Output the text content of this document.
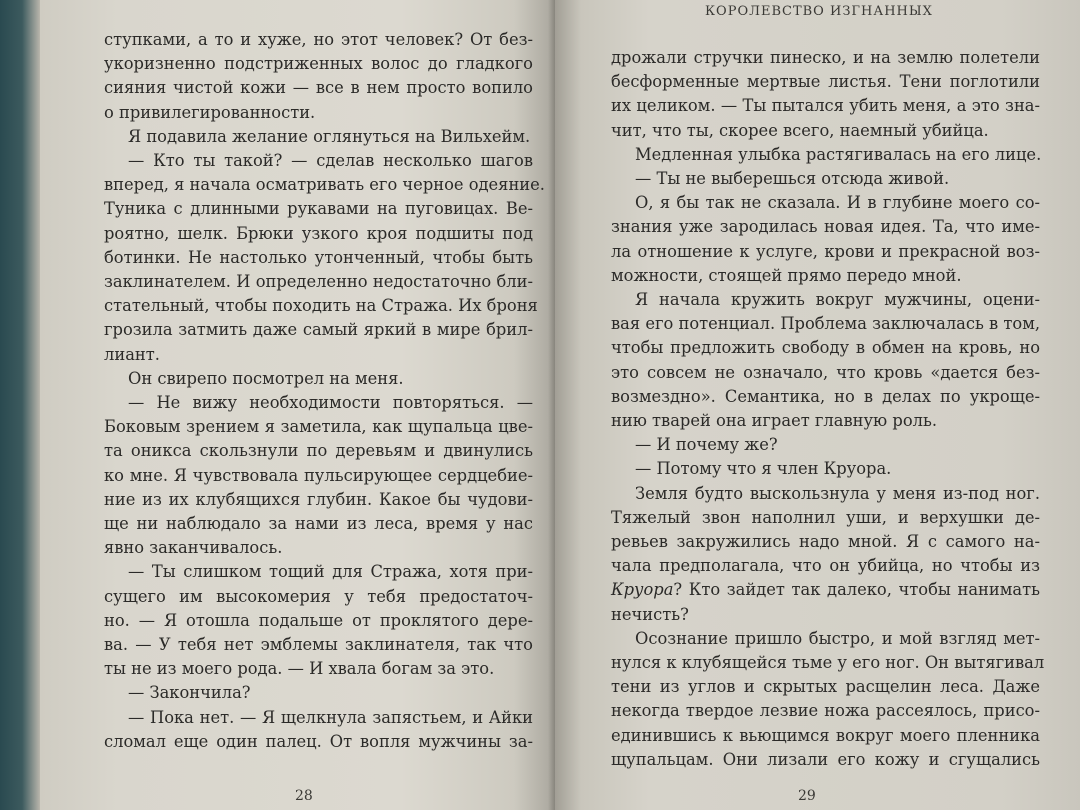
ступками, а то и хуже, но этот человек? От без-
укоризненно подстриженных волос до гладкого
сияния чистой кожи — все в нем просто вопило
о привилегированности.
Я подавила желание оглянуться на Вильхейм.
— Кто ты такой? — сделав несколько шагов
вперед, я начала осматривать его черное одеяние.
Туника с длинными рукавами на пуговицах. Ве-
роятно, шелк. Брюки узкого кроя подшиты под
ботинки. Не настолько утонченный, чтобы быть
заклинателем. И определенно недостаточно бли-
стательный, чтобы походить на Стража. Их броня
грозила затмить даже самый яркий в мире брил-
лиант.
Он свирепо посмотрел на меня.
— Не вижу необходимости повторяться. —
Боковым зрением я заметила, как щупальца цве-
та оникса скользнули по деревьям и двинулись
ко мне. Я чувствовала пульсирующее сердцебие-
ние из их клубящихся глубин. Какое бы чудови-
ще ни наблюдало за нами из леса, время у нас
явно заканчивалось.
— Ты слишком тощий для Стража, хотя при-
сущего им высокомерия у тебя предостаточ-
но. — Я отошла подальше от проклятого дере-
ва. — У тебя нет эмблемы заклинателя, так что
ты не из моего рода. — И хвала богам за это.
— Закончила?
— Пока нет. — Я щелкнула запястьем, и Айки
сломал еще один палец. От вопля мужчины за-

28
КОРОЛЕВСТВО ИЗГНАННЫХ

дрожали стручки пинеско, и на землю полетели
бесформенные мертвые листья. Тени поглотили
их целиком. — Ты пытался убить меня, а это зна-
чит, что ты, скорее всего, наемный убийца.
Медленная улыбка растягивалась на его лице.
— Ты не выберешься отсюда живой.
О, я бы так не сказала. И в глубине моего со-
знания уже зародилась новая идея. Та, что име-
ла отношение к услуге, крови и прекрасной воз-
можности, стоящей прямо передо мной.
Я начала кружить вокруг мужчины, оцени-
вая его потенциал. Проблема заключалась в том,
чтобы предложить свободу в обмен на кровь, но
это совсем не означало, что кровь «дается без-
возмездно». Семантика, но в делах по укроще-
нию тварей она играет главную роль.
— И почему же?
— Потому что я член Круора.
Земля будто выскользнула у меня из-под ног.
Тяжелый звон наполнил уши, и верхушки де-
ревьев закружились надо мной. Я с самого на-
чала предполагала, что он убийца, но чтобы из
Круора? Кто зайдет так далеко, чтобы нанимать
нечисть?
Осознание пришло быстро, и мой взгляд мет-
нулся к клубящейся тьме у его ног. Он вытягивал
тени из углов и скрытых расщелин леса. Даже
некогда твердое лезвие ножа рассеялось, присо-
единившись к вьющимся вокруг моего пленника
щупальцам. Они лизали его кожу и сгущались

29
